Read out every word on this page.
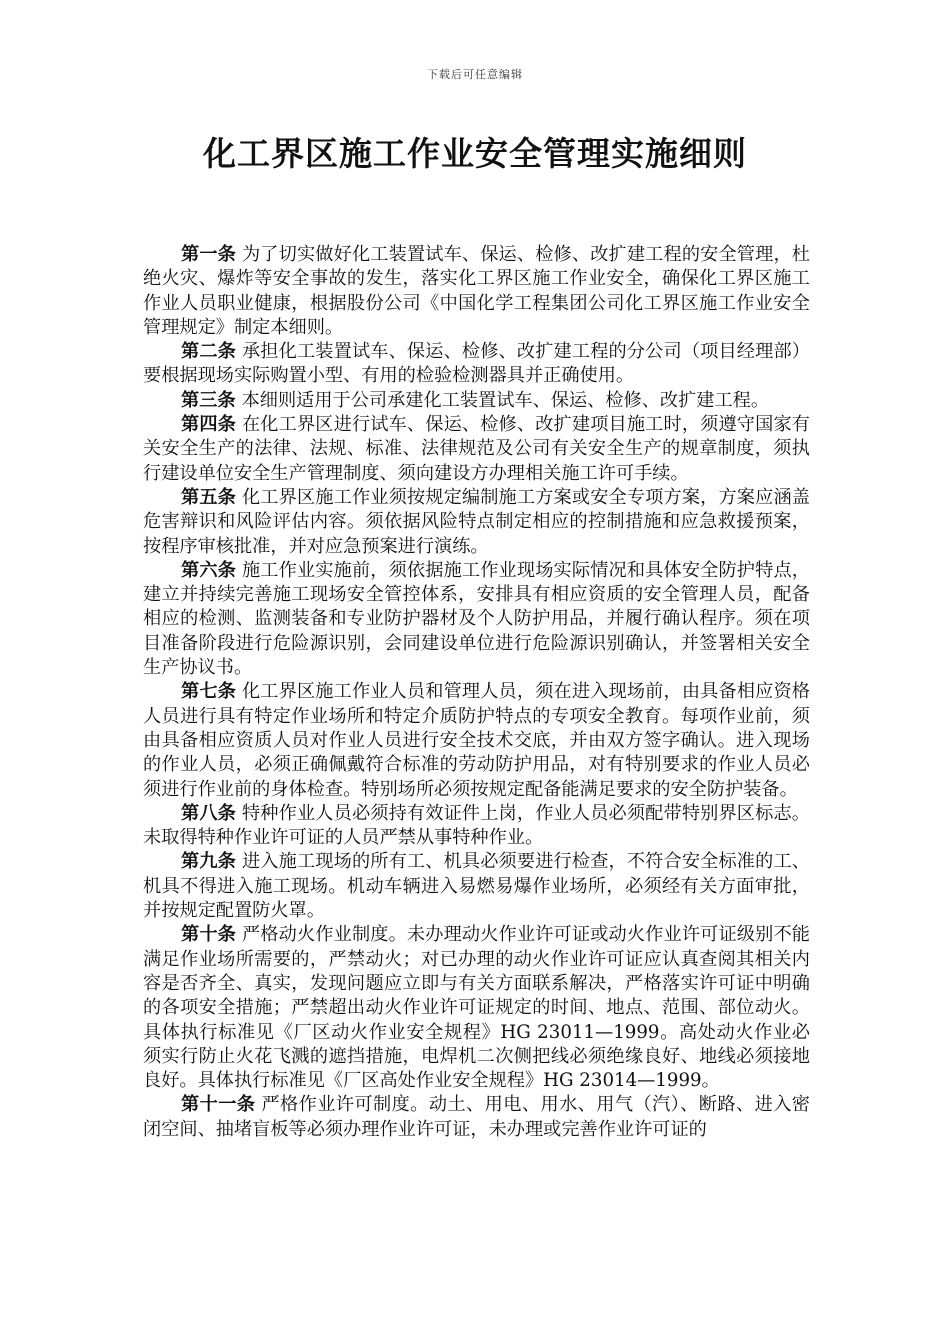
下载后可任意编辑
化工界区施工作业安全管理实施细则

第一条 为了切实做好化工装置试车、保运、检修、改扩建工程的安全管理，杜绝火灾、爆炸等安全事故的发生，落实化工界区施工作业安全，确保化工界区施工作业人员职业健康，根据股份公司《中国化学工程集团公司化工界区施工作业安全管理规定》制定本细则。

第二条 承担化工装置试车、保运、检修、改扩建工程的分公司（项目经理部）要根据现场实际购置小型、有用的检验检测器具并正确使用。

第三条 本细则适用于公司承建化工装置试车、保运、检修、改扩建工程。

第四条 在化工界区进行试车、保运、检修、改扩建项目施工时，须遵守国家有关安全生产的法律、法规、标准、法律规范及公司有关安全生产的规章制度，须执行建设单位安全生产管理制度、须向建设方办理相关施工许可手续。

第五条 化工界区施工作业须按规定编制施工方案或安全专项方案，方案应涵盖危害辩识和风险评估内容。须依据风险特点制定相应的控制措施和应急救援预案，按程序审核批准，并对应急预案进行演练。

第六条 施工作业实施前，须依据施工作业现场实际情况和具体安全防护特点，建立并持续完善施工现场安全管控体系，安排具有相应资质的安全管理人员，配备相应的检测、监测装备和专业防护器材及个人防护用品，并履行确认程序。须在项目准备阶段进行危险源识别，会同建设单位进行危险源识别确认，并签署相关安全生产协议书。

第七条 化工界区施工作业人员和管理人员，须在进入现场前，由具备相应资格人员进行具有特定作业场所和特定介质防护特点的专项安全教育。每项作业前，须由具备相应资质人员对作业人员进行安全技术交底，并由双方签字确认。进入现场的作业人员，必须正确佩戴符合标准的劳动防护用品，对有特别要求的作业人员必须进行作业前的身体检查。特别场所必须按规定配备能满足要求的安全防护装备。

第八条 特种作业人员必须持有效证件上岗，作业人员必须配带特别界区标志。未取得特种作业许可证的人员严禁从事特种作业。

第九条 进入施工现场的所有工、机具必须要进行检查，不符合安全标准的工、机具不得进入施工现场。机动车辆进入易燃易爆作业场所，必须经有关方面审批，并按规定配置防火罩。

第十条 严格动火作业制度。未办理动火作业许可证或动火作业许可证级别不能满足作业场所需要的，严禁动火；对已办理的动火作业许可证应认真查阅其相关内容是否齐全、真实，发现问题应立即与有关方面联系解决，严格落实许可证中明确的各项安全措施；严禁超出动火作业许可证规定的时间、地点、范围、部位动火。具体执行标准见《厂区动火作业安全规程》HG 23011—1999。高处动火作业必须实行防止火花飞溅的遮挡措施，电焊机二次侧把线必须绝缘良好、地线必须接地良好。具体执行标准见《厂区高处作业安全规程》HG 23014—1999。

第十一条 严格作业许可制度。动土、用电、用水、用气（汽）、断路、进入密闭空间、抽堵盲板等必须办理作业许可证，未办理或完善作业许可证的
